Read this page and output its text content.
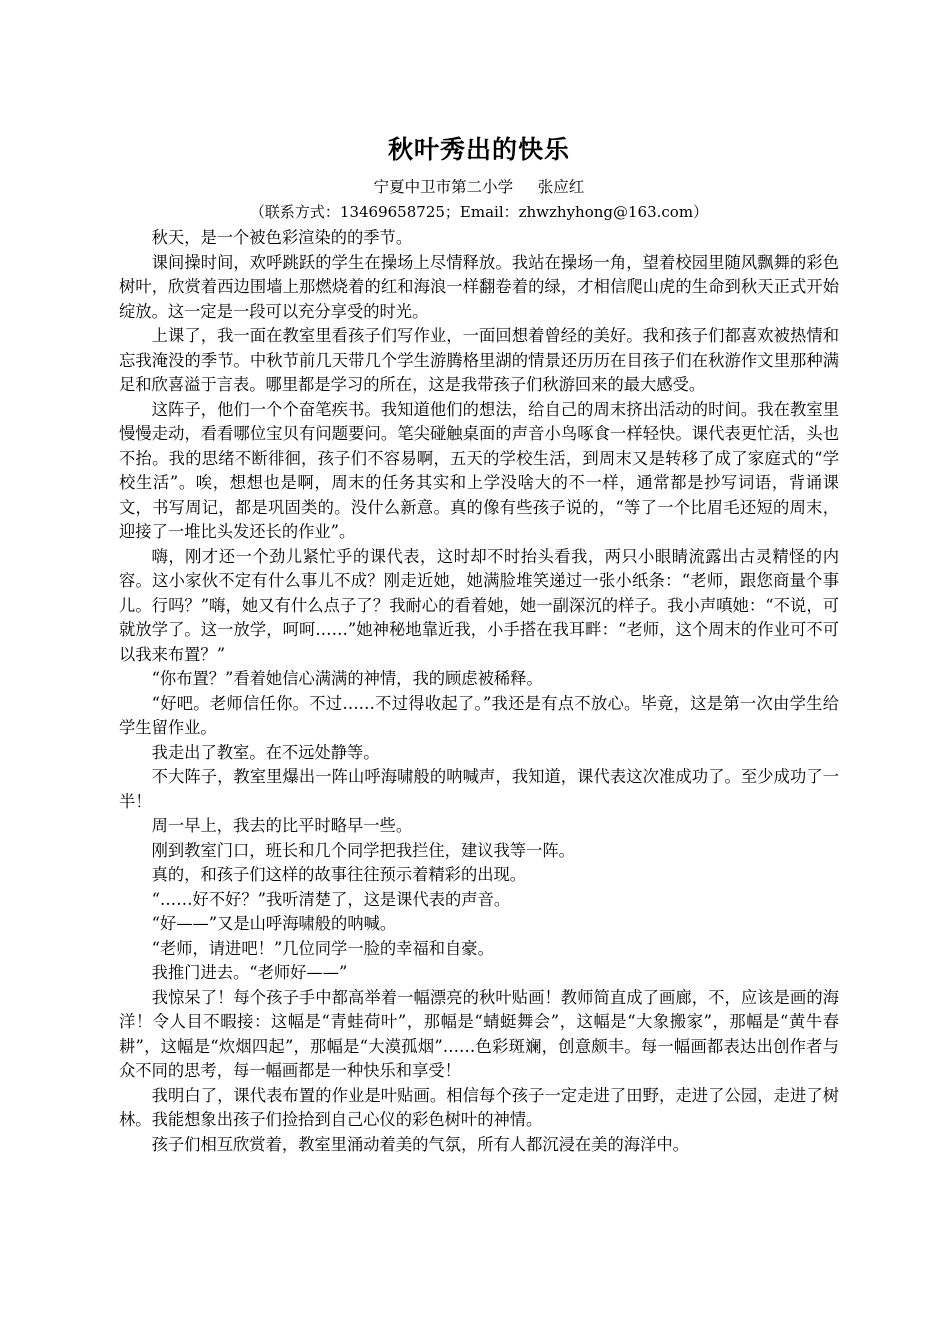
秋叶秀出的快乐
宁夏中卫市第二小学     张应红
（联系方式：13469658725；Email：zhwzhyhong@163.com）

秋天，是一个被色彩渲染的的季节。

课间操时间，欢呼跳跃的学生在操场上尽情释放。我站在操场一角，望着校园里随风飘舞的彩色树叶，欣赏着西边围墙上那燃烧着的红和海浪一样翻卷着的绿，才相信爬山虎的生命到秋天正式开始绽放。这一定是一段可以充分享受的时光。

上课了，我一面在教室里看孩子们写作业，一面回想着曾经的美好。我和孩子们都喜欢被热情和忘我淹没的季节。中秋节前几天带几个学生游腾格里湖的情景还历历在目孩子们在秋游作文里那种满足和欣喜溢于言表。哪里都是学习的所在，这是我带孩子们秋游回来的最大感受。

这阵子，他们一个个奋笔疾书。我知道他们的想法，给自己的周末挤出活动的时间。我在教室里慢慢走动，看看哪位宝贝有问题要问。笔尖碰触桌面的声音小鸟啄食一样轻快。课代表更忙活，头也不抬。我的思绪不断徘徊，孩子们不容易啊，五天的学校生活，到周末又是转移了成了家庭式的“学校生活”。唉，想想也是啊，周末的任务其实和上学没啥大的不一样，通常都是抄写词语，背诵课文，书写周记，都是巩固类的。没什么新意。真的像有些孩子说的，“等了一个比眉毛还短的周末，迎接了一堆比头发还长的作业”。

嗨，刚才还一个劲儿紧忙乎的课代表，这时却不时抬头看我，两只小眼睛流露出古灵精怪的内容。这小家伙不定有什么事儿不成？刚走近她，她满脸堆笑递过一张小纸条：“老师，跟您商量个事儿。行吗？”嗨，她又有什么点子了？我耐心的看着她，她一副深沉的样子。我小声嗔她：“不说，可就放学了。这一放学，呵呵……”她神秘地靠近我，小手搭在我耳畔：“老师，这个周末的作业可不可以我来布置？”

“你布置？”看着她信心满满的神情，我的顾虑被稀释。

“好吧。老师信任你。不过……不过得收起了。”我还是有点不放心。毕竟，这是第一次由学生给学生留作业。

我走出了教室。在不远处静等。

不大阵子，教室里爆出一阵山呼海啸般的呐喊声，我知道，课代表这次准成功了。至少成功了一半！

周一早上，我去的比平时略早一些。

刚到教室门口，班长和几个同学把我拦住，建议我等一阵。

真的，和孩子们这样的故事往往预示着精彩的出现。

“……好不好？”我听清楚了，这是课代表的声音。

“好——”又是山呼海啸般的呐喊。

“老师，请进吧！”几位同学一脸的幸福和自豪。

我推门进去。“老师好——”

我惊呆了！每个孩子手中都高举着一幅漂亮的秋叶贴画！教师简直成了画廊，不，应该是画的海洋！令人目不暇接：这幅是“青蛙荷叶”，那幅是“蜻蜓舞会”，这幅是“大象搬家”，那幅是“黄牛春耕”，这幅是“炊烟四起”，那幅是“大漠孤烟”……色彩斑斓，创意颇丰。每一幅画都表达出创作者与众不同的思考，每一幅画都是一种快乐和享受！

我明白了，课代表布置的作业是叶贴画。相信每个孩子一定走进了田野，走进了公园，走进了树林。我能想象出孩子们捡拾到自己心仪的彩色树叶的神情。

孩子们相互欣赏着，教室里涌动着美的气氛，所有人都沉浸在美的海洋中。
